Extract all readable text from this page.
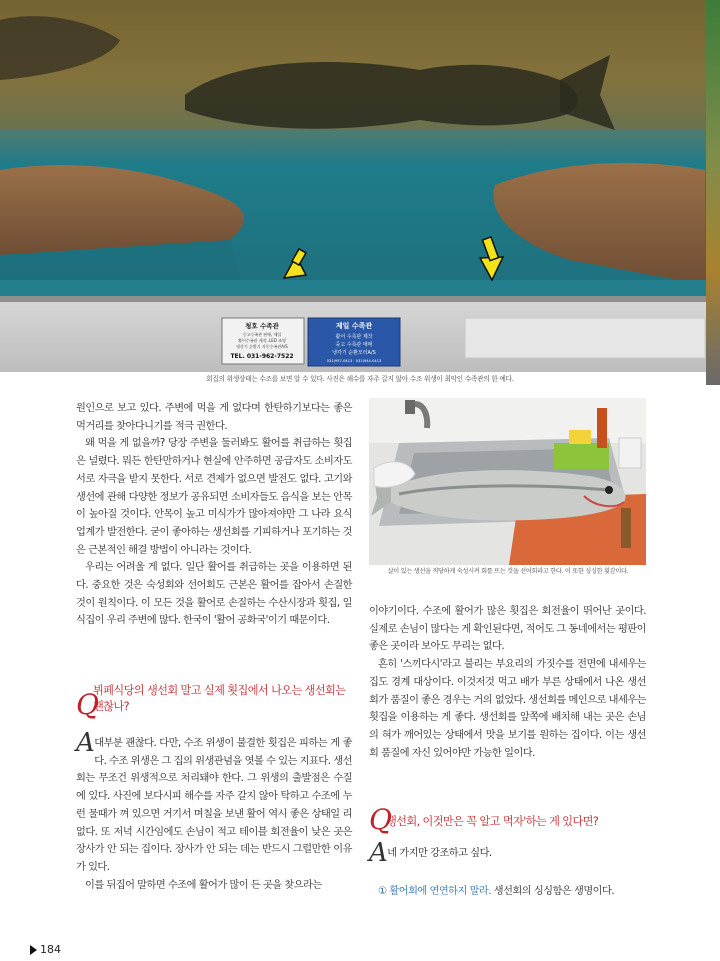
청호 수족관
중고수족관 판매, 매입
활어수족관 제작, LED 조명
냉각기 순환기 자동수족관A/S
TEL. 031-962-7522
제일 수족관
활어 수족관 제작
중고 수족관 매매
냉각기 순환모터A/S
031)957-0413 · 031)944-0413
회집의 위생상태는 수조를 보면 알 수 있다. 사진은 해수를 자주 갈지 않아 수조 위생이 최악인 수족관의 한 예다.

원인으로 보고 있다. 주변에 먹을 게 없다며 한탄하기보다는 좋은 먹거리를 찾아다니기를 적극 권한다.

왜 먹을 게 없을까? 당장 주변을 둘러봐도 활어를 취급하는 횟집은 널렸다. 뭐든 한탄만하거나 현실에 안주하면 공급자도 소비자도 서로 자극을 받지 못한다. 서로 견제가 없으면 발전도 없다. 고기와 생선에 관해 다양한 정보가 공유되면 소비자들도 음식을 보는 안목이 높아질 것이다. 안목이 높고 미식가가 많아져야만 그 나라 요식업계가 발전한다. 굳이 좋아하는 생선회를 기피하거나 포기하는 것은 근본적인 해결 방법이 아니라는 것이다.

우리는 어려울 게 없다. 일단 활어를 취급하는 곳을 이용하면 된다. 중요한 것은 숙성회와 선어회도 근본은 활어를 잡아서 손질한 것이 원칙이다. 이 모든 것을 활어로 손질하는 수산시장과 횟집, 일식집이 우리 주변에 많다. 한국이 '활어 공화국'이기 때문이다.

Q
뷔페식당의 생선회 말고 실제 횟집에서 나오는 생선회는 괜찮나?

A대부분 괜찮다. 다만, 수조 위생이 불결한 횟집은 피하는 게 좋다. 수조 위생은 그 집의 위생관념을 엿볼 수 있는 지표다. 생선회는 무조건 위생적으로 처리돼야 한다. 그 위생의 출발점은 수질에 있다. 사진에 보다시피 해수를 자주 갈지 않아 탁하고 수조에 누런 물때가 껴 있으면 거기서 며칠을 보낸 활어 역시 좋은 상태일 리 없다. 또 저녁 시간임에도 손님이 적고 테이블 회전율이 낮은 곳은 장사가 안 되는 집이다. 장사가 안 되는 데는 반드시 그럴만한 이유가 있다.

이를 뒤집어 말하면 수조에 활어가 많이 든 곳을 찾으라는

살이 있는 생선을 적당하게 숙성시켜 회를 뜨는 것을 선어회라고 한다. 이 또한 싱싱한 횟감이다.

이야기이다. 수조에 활어가 많은 횟집은 회전율이 뛰어난 곳이다. 실제로 손님이 많다는 게 확인된다면, 적어도 그 동네에서는 평판이 좋은 곳이라 보아도 무리는 없다.

흔히 '스끼다시'라고 불리는 부요리의 가짓수를 전면에 내세우는 집도 경계 대상이다. 이것저것 먹고 배가 부른 상태에서 나온 생선회가 품질이 좋은 경우는 거의 없었다. 생선회를 메인으로 내세우는 횟집을 이용하는 게 좋다. 생선회를 앞쪽에 배치해 내는 곳은 손님의 혀가 깨어있는 상태에서 맛을 보기를 원하는 집이다. 이는 생선회 품질에 자신 있어야만 가능한 일이다.

Q
생선회, 이것만은 꼭 알고 먹자'하는 게 있다면?
A네 가지만 강조하고 싶다.
① 활어회에 연연하지 말라. 생선회의 싱싱함은 생명이다.
184
